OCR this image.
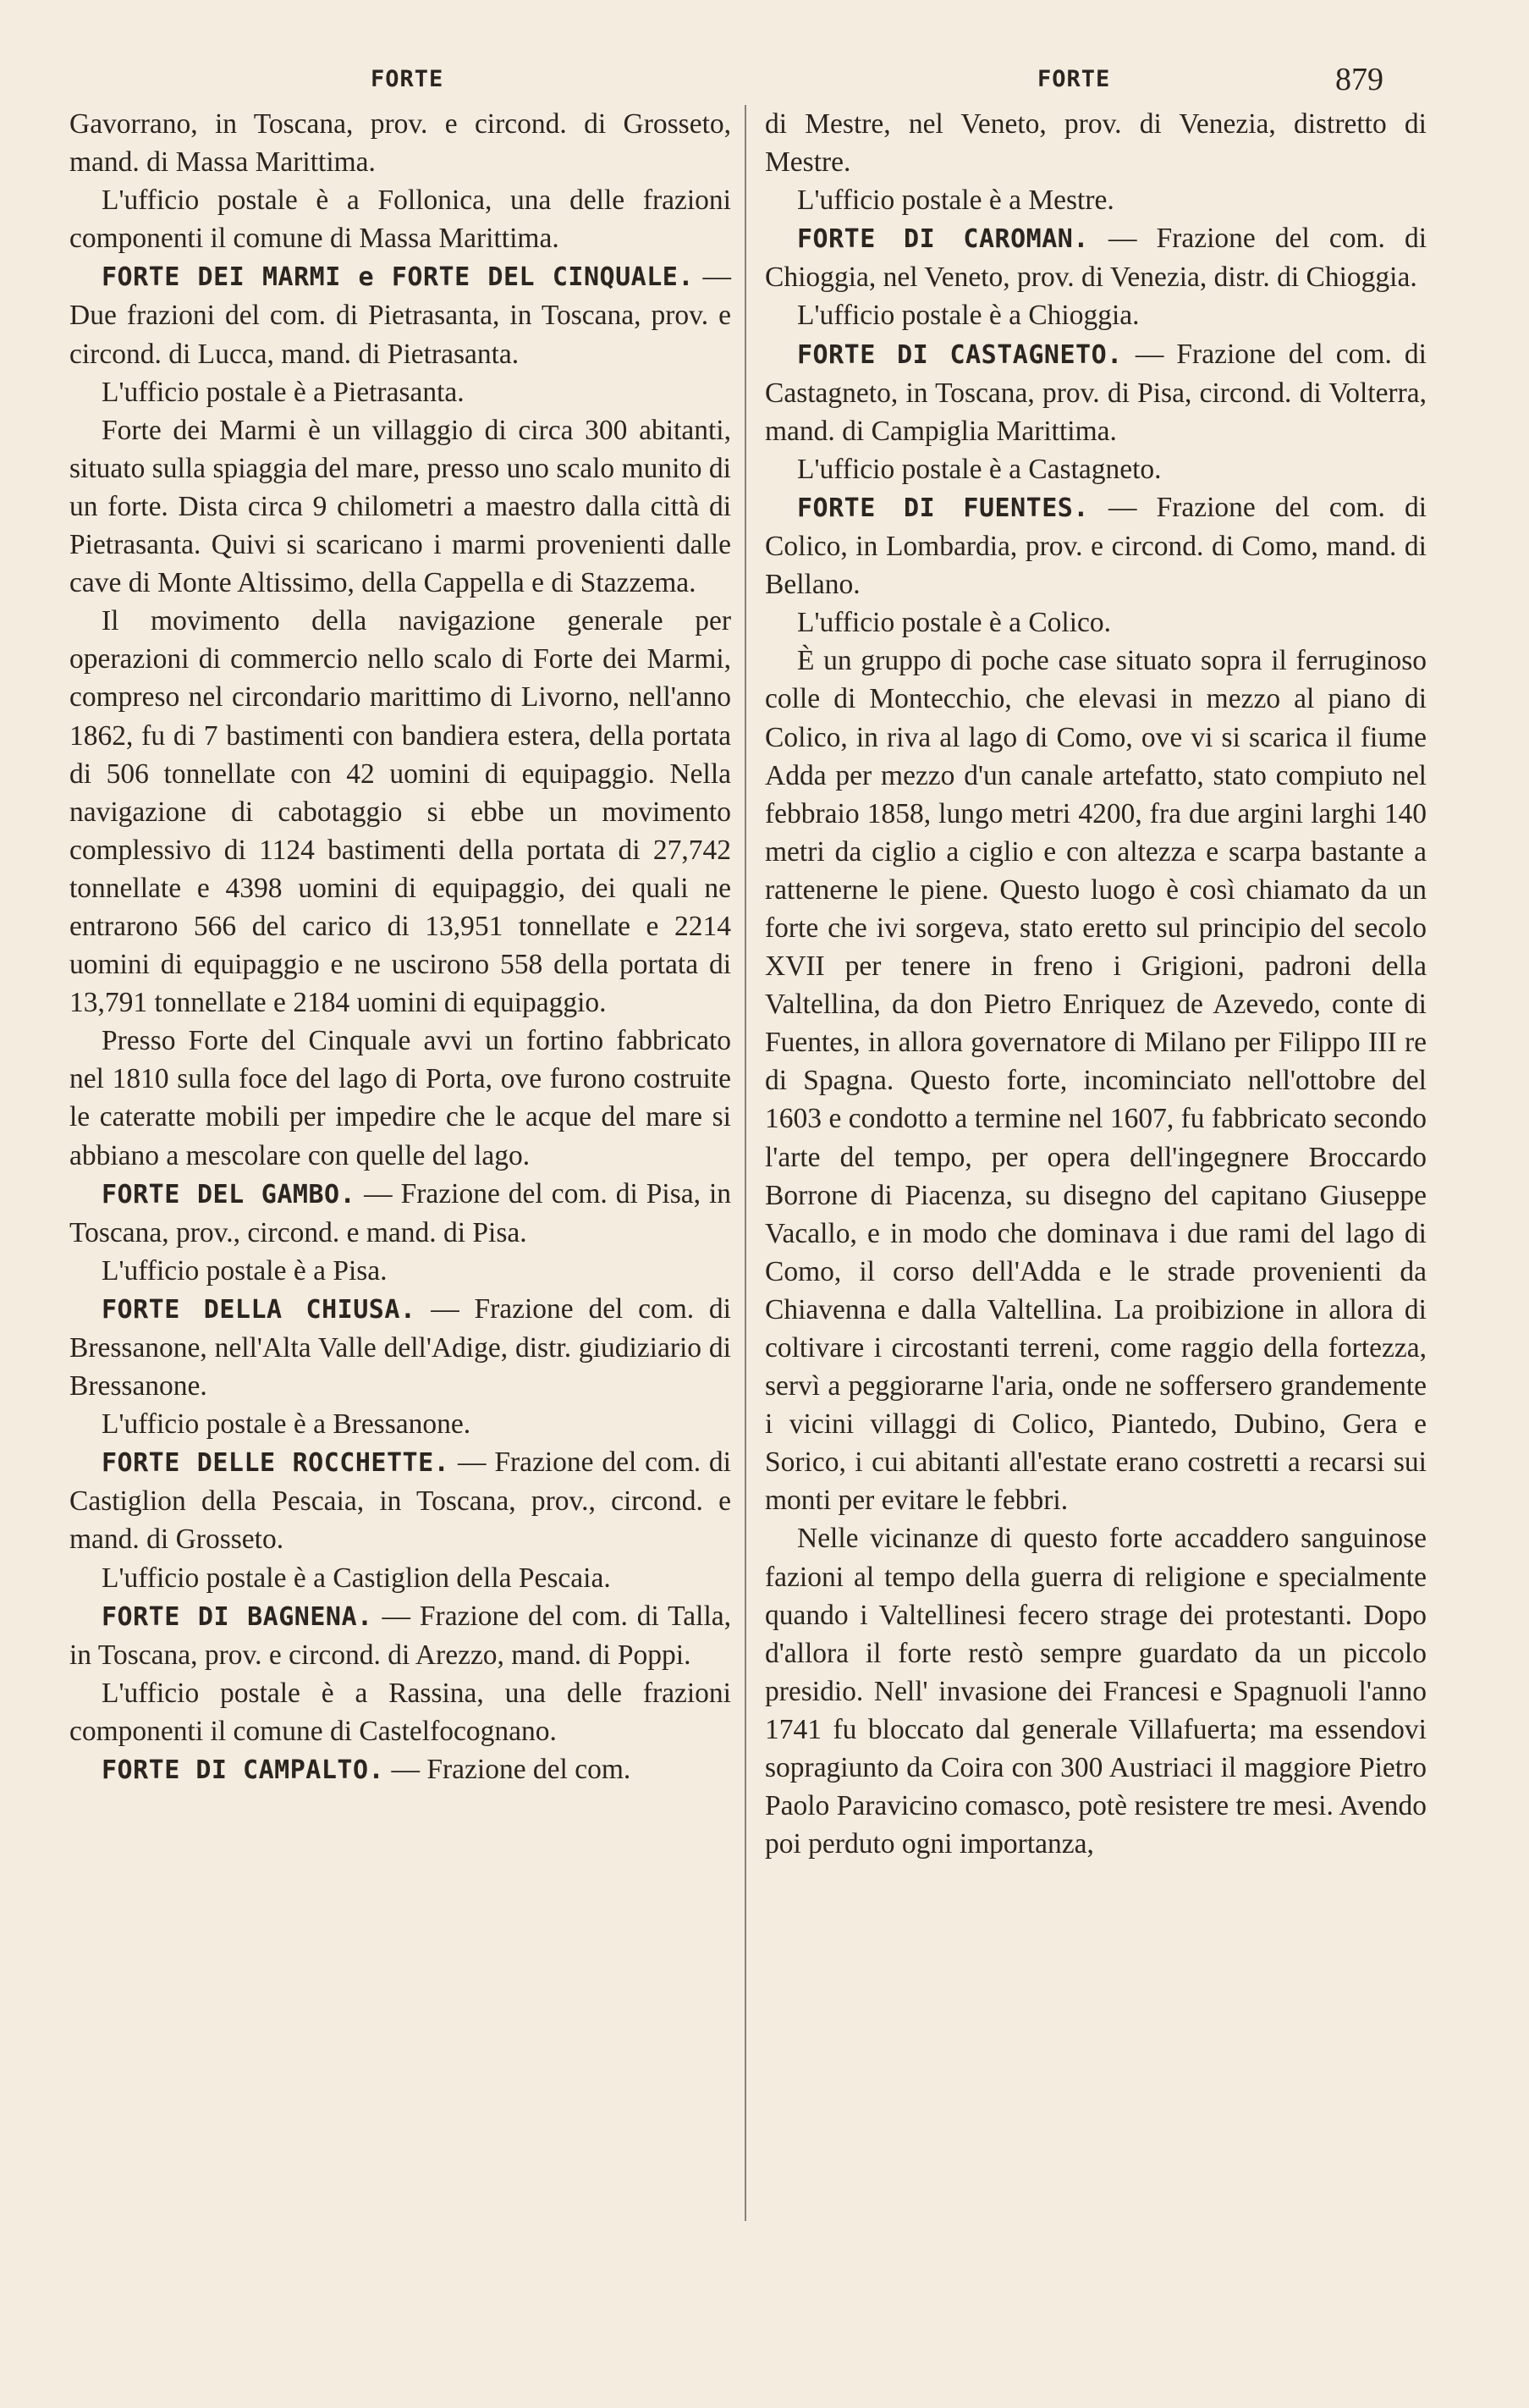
FORTE	FORTE	879

Gavorrano, in Toscana, prov. e circond. di Grosseto, mand. di Massa Marittima.

L'ufficio postale è a Follonica, una delle frazioni componenti il comune di Massa Marittima.

FORTE DEI MARMI e FORTE DEL CINQUALE. — Due frazioni del com. di Pietrasanta, in Toscana, prov. e circond. di Lucca, mand. di Pietrasanta.

L'ufficio postale è a Pietrasanta.

Forte dei Marmi è un villaggio di circa 300 abitanti, situato sulla spiaggia del mare, presso uno scalo munito di un forte. Dista circa 9 chilometri a maestro dalla città di Pietrasanta. Quivi si scaricano i marmi provenienti dalle cave di Monte Altissimo, della Cappella e di Stazzema.

Il movimento della navigazione generale per operazioni di commercio nello scalo di Forte dei Marmi, compreso nel circondario marittimo di Livorno, nell'anno 1862, fu di 7 bastimenti con bandiera estera, della portata di 506 tonnellate con 42 uomini di equipaggio. Nella navigazione di cabotaggio si ebbe un movimento complessivo di 1124 bastimenti della portata di 27,742 tonnellate e 4398 uomini di equipaggio, dei quali ne entrarono 566 del carico di 13,951 tonnellate e 2214 uomini di equipaggio e ne uscirono 558 della portata di 13,791 tonnellate e 2184 uomini di equipaggio.

Presso Forte del Cinquale avvi un fortino fabbricato nel 1810 sulla foce del lago di Porta, ove furono costruite le cateratte mobili per impedire che le acque del mare si abbiano a mescolare con quelle del lago.

FORTE DEL GAMBO. — Frazione del com. di Pisa, in Toscana, prov., circond. e mand. di Pisa.

L'ufficio postale è a Pisa.

FORTE DELLA CHIUSA. — Frazione del com. di Bressanone, nell'Alta Valle dell'Adige, distr. giudiziario di Bressanone.

L'ufficio postale è a Bressanone.

FORTE DELLE ROCCHETTE. — Frazione del com. di Castiglion della Pescaia, in Toscana, prov., circond. e mand. di Grosseto.

L'ufficio postale è a Castiglion della Pescaia.

FORTE DI BAGNENA. — Frazione del com. di Talla, in Toscana, prov. e circond. di Arezzo, mand. di Poppi.

L'ufficio postale è a Rassina, una delle frazioni componenti il comune di Castelfocognano.

FORTE DI CAMPALTO. — Frazione del com.

di Mestre, nel Veneto, prov. di Venezia, distretto di Mestre.

L'ufficio postale è a Mestre.

FORTE DI CAROMAN. — Frazione del com. di Chioggia, nel Veneto, prov. di Venezia, distr. di Chioggia.

L'ufficio postale è a Chioggia.

FORTE DI CASTAGNETO. — Frazione del com. di Castagneto, in Toscana, prov. di Pisa, circond. di Volterra, mand. di Campiglia Marittima.

L'ufficio postale è a Castagneto.

FORTE DI FUENTES. — Frazione del com. di Colico, in Lombardia, prov. e circond. di Como, mand. di Bellano.

L'ufficio postale è a Colico.

È un gruppo di poche case situato sopra il ferruginoso colle di Montecchio, che elevasi in mezzo al piano di Colico, in riva al lago di Como, ove vi si scarica il fiume Adda per mezzo d'un canale artefatto, stato compiuto nel febbraio 1858, lungo metri 4200, fra due argini larghi 140 metri da ciglio a ciglio e con altezza e scarpa bastante a rattenerne le piene. Questo luogo è così chiamato da un forte che ivi sorgeva, stato eretto sul principio del secolo XVII per tenere in freno i Grigioni, padroni della Valtellina, da don Pietro Enriquez de Azevedo, conte di Fuentes, in allora governatore di Milano per Filippo III re di Spagna. Questo forte, incominciato nell'ottobre del 1603 e condotto a termine nel 1607, fu fabbricato secondo l'arte del tempo, per opera dell'ingegnere Broccardo Borrone di Piacenza, su disegno del capitano Giuseppe Vacallo, e in modo che dominava i due rami del lago di Como, il corso dell'Adda e le strade provenienti da Chiavenna e dalla Valtellina. La proibizione in allora di coltivare i circostanti terreni, come raggio della fortezza, servì a peggiorarne l'aria, onde ne soffersero grandemente i vicini villaggi di Colico, Piantedo, Dubino, Gera e Sorico, i cui abitanti all'estate erano costretti a recarsi sui monti per evitare le febbri.

Nelle vicinanze di questo forte accaddero sanguinose fazioni al tempo della guerra di religione e specialmente quando i Valtellinesi fecero strage dei protestanti. Dopo d'allora il forte restò sempre guardato da un piccolo presidio. Nell' invasione dei Francesi e Spagnuoli l'anno 1741 fu bloccato dal generale Villafuerta; ma essendovi sopragiunto da Coira con 300 Austriaci il maggiore Pietro Paolo Paravicino comasco, potè resistere tre mesi. Avendo poi perduto ogni importanza,
